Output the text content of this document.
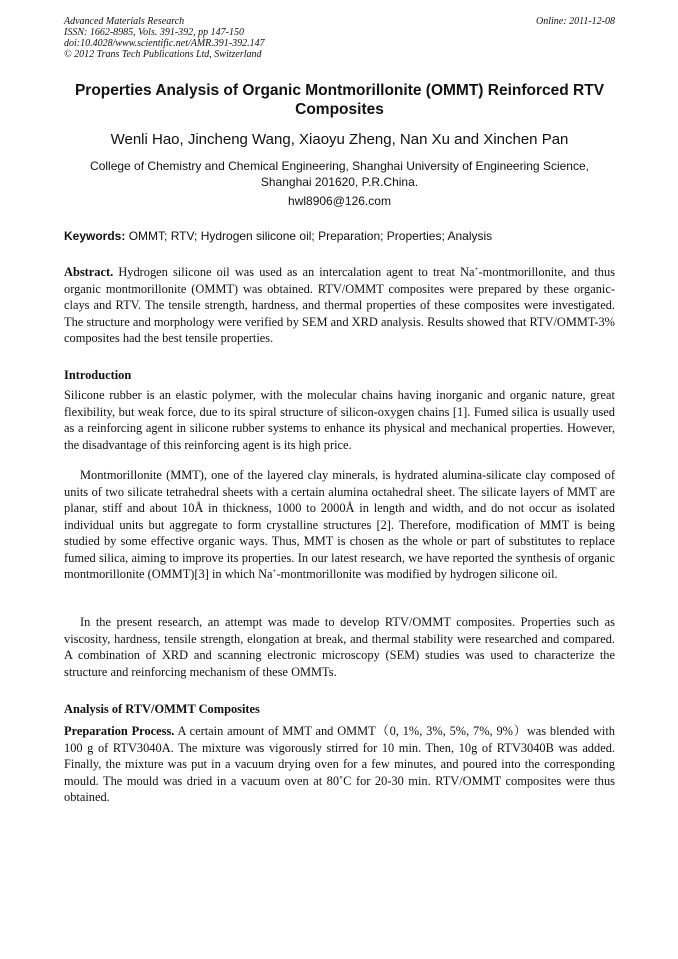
Advanced Materials Research
ISSN: 1662-8985, Vols. 391-392, pp 147-150
doi:10.4028/www.scientific.net/AMR.391-392.147
© 2012 Trans Tech Publications Ltd, Switzerland
Online: 2011-12-08
Properties Analysis of Organic Montmorillonite (OMMT) Reinforced RTV Composites
Wenli Hao, Jincheng Wang, Xiaoyu Zheng, Nan Xu and Xinchen Pan
College of Chemistry and Chemical Engineering, Shanghai University of Engineering Science, Shanghai 201620, P.R.China.
hwl8906@126.com
Keywords: OMMT; RTV; Hydrogen silicone oil; Preparation; Properties; Analysis
Abstract. Hydrogen silicone oil was used as an intercalation agent to treat Na+-montmorillonite, and thus organic montmorillonite (OMMT) was obtained. RTV/OMMT composites were prepared by these organic-clays and RTV. The tensile strength, hardness, and thermal properties of these composites were investigated. The structure and morphology were verified by SEM and XRD analysis. Results showed that RTV/OMMT-3% composites had the best tensile properties.
Introduction
Silicone rubber is an elastic polymer, with the molecular chains having inorganic and organic nature, great flexibility, but weak force, due to its spiral structure of silicon-oxygen chains [1]. Fumed silica is usually used as a reinforcing agent in silicone rubber systems to enhance its physical and mechanical properties. However, the disadvantage of this reinforcing agent is its high price.
Montmorillonite (MMT), one of the layered clay minerals, is hydrated alumina-silicate clay composed of units of two silicate tetrahedral sheets with a certain alumina octahedral sheet. The silicate layers of MMT are planar, stiff and about 10Å in thickness, 1000 to 2000Å in length and width, and do not occur as isolated individual units but aggregate to form crystalline structures [2]. Therefore, modification of MMT is being studied by some effective organic ways. Thus, MMT is chosen as the whole or part of substitutes to replace fumed silica, aiming to improve its properties. In our latest research, we have reported the synthesis of organic montmorillonite (OMMT)[3] in which Na+-montmorillonite was modified by hydrogen silicone oil.
In the present research, an attempt was made to develop RTV/OMMT composites. Properties such as viscosity, hardness, tensile strength, elongation at break, and thermal stability were researched and compared. A combination of XRD and scanning electronic microscopy (SEM) studies was used to characterize the structure and reinforcing mechanism of these OMMTs.
Analysis of RTV/OMMT Composites
Preparation Process. A certain amount of MMT and OMMT（0, 1%, 3%, 5%, 7%, 9%）was blended with 100 g of RTV3040A. The mixture was vigorously stirred for 10 min. Then, 10g of RTV3040B was added. Finally, the mixture was put in a vacuum drying oven for a few minutes, and poured into the corresponding mould. The mould was dried in a vacuum oven at 80˚C for 20-30 min. RTV/OMMT composites were thus obtained.
